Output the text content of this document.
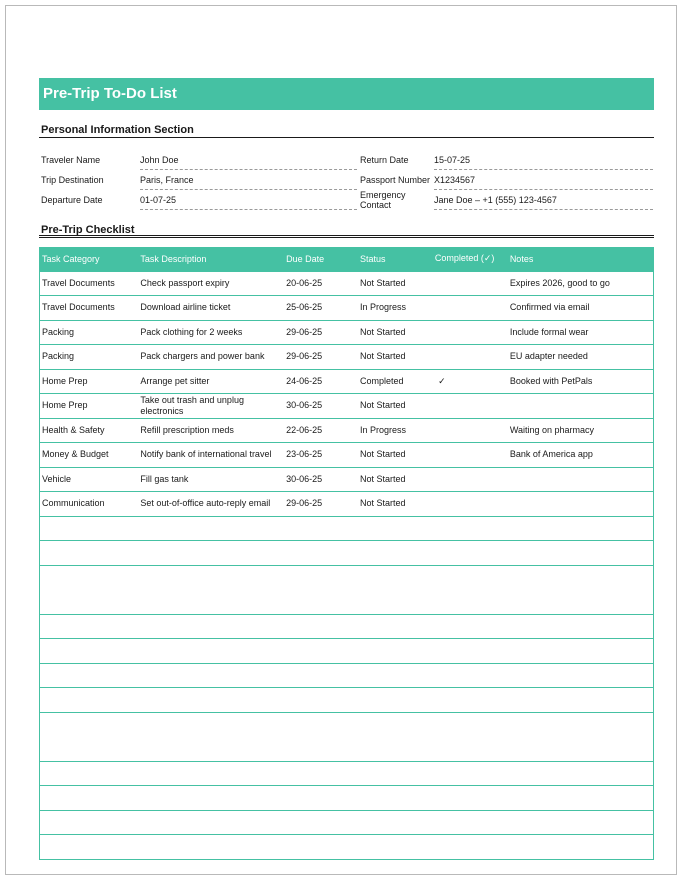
Pre-Trip To-Do List
Personal Information Section
Traveler Name	John Doe	Return Date	15-07-25
Trip Destination	Paris, France	Passport Number X1234567
Departure Date	01-07-25	Emergency Contact	Jane Doe – +1 (555) 123-4567
Pre-Trip Checklist
Task Category	Task Description	Due Date	Status	Completed (✓)	Notes
Travel Documents	Check passport expiry	20-06-25	Not Started		Expires 2026, good to go
Travel Documents	Download airline ticket	25-06-25	In Progress		Confirmed via email
Packing	Pack clothing for 2 weeks	29-06-25	Not Started		Include formal wear
Packing	Pack chargers and power bank	29-06-25	Not Started		EU adapter needed
Home Prep	Arrange pet sitter	24-06-25	Completed	✓	Booked with PetPals
Home Prep	Take out trash and unplug electronics	30-06-25	Not Started		
Health & Safety	Refill prescription meds	22-06-25	In Progress		Waiting on pharmacy
Money & Budget	Notify bank of international travel	23-06-25	Not Started		Bank of America app
Vehicle	Fill gas tank	30-06-25	Not Started		
Communication	Set out-of-office auto-reply email	29-06-25	Not Started		
